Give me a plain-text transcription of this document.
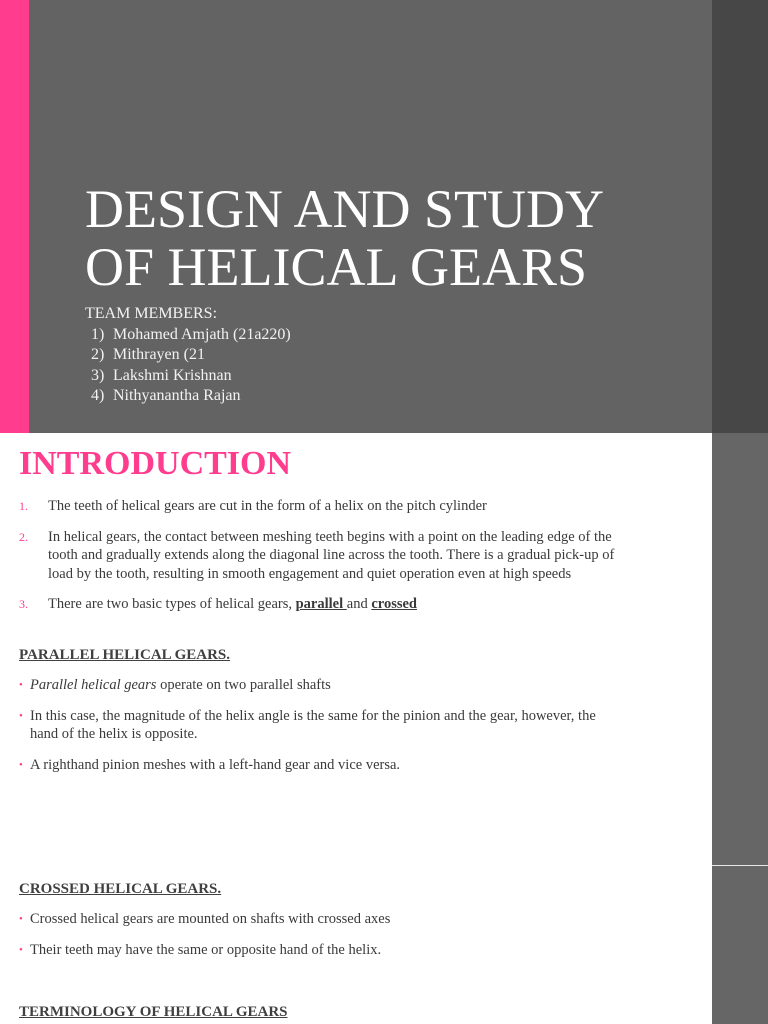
DESIGN AND STUDY
OF HELICAL GEARS

TEAM MEMBERS:

1) Mohamed Amjath (21a220)
2) Mithrayen (21
3) Lakshmi Krishnan
4) Nithyanantha Rajan
INTRODUCTION
1. The teeth of helical gears are cut in the form of a helix on the pitch cylinder
2. In helical gears, the contact between meshing teeth begins with a point on the leading edge of the tooth and gradually extends along the diagonal line across the tooth. There is a gradual pick-up of load by the tooth, resulting in smooth engagement and quiet operation even at high speeds
3. There are two basic types of helical gears, parallel and crossed
PARALLEL HELICAL GEARS.
• Parallel helical gears operate on two parallel shafts
• In this case, the magnitude of the helix angle is the same for the pinion and the gear, however, the hand of the helix is opposite.
• A righthand pinion meshes with a left-hand gear and vice versa.
CROSSED HELICAL GEARS.
• Crossed helical gears are mounted on shafts with crossed axes
• Their teeth may have the same or opposite hand of the helix.
TERMINOLOGY OF HELICAL GEARS
